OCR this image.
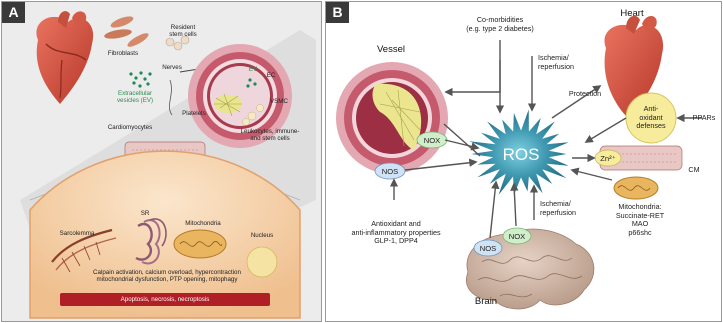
A
Resident
stem cells
Fibroblasts
Nerves
Extracellular
vesicles (EV)
EV
EC
VSMC
Platelets
Leukocytes, immune-
and stem cells
Cardiomyocytes
Sarcolemma
SR
Mitochondria
Nucleus
Calpain activation, calcium overload, hypercontraction
mitochondrial dysfunction, PTP opening, mitophagy
Apoptosis, necrosis, necroptosis
B	Co-morbidities
(e.g. type 2 diabetes)
Heart
Vessel
Ischemia/
reperfusion
Protection
Anti-
oxidant
defenses
PPARs
NOX
NOS
ROS	Zn²⁺
CM
Mitochondria:
Succinate-RET
MAO
p66shc
Antioxidant and
anti-inflammatory properties
GLP-1, DPP4
Ischemia/
reperfusion
NOS
NOX
Brain
